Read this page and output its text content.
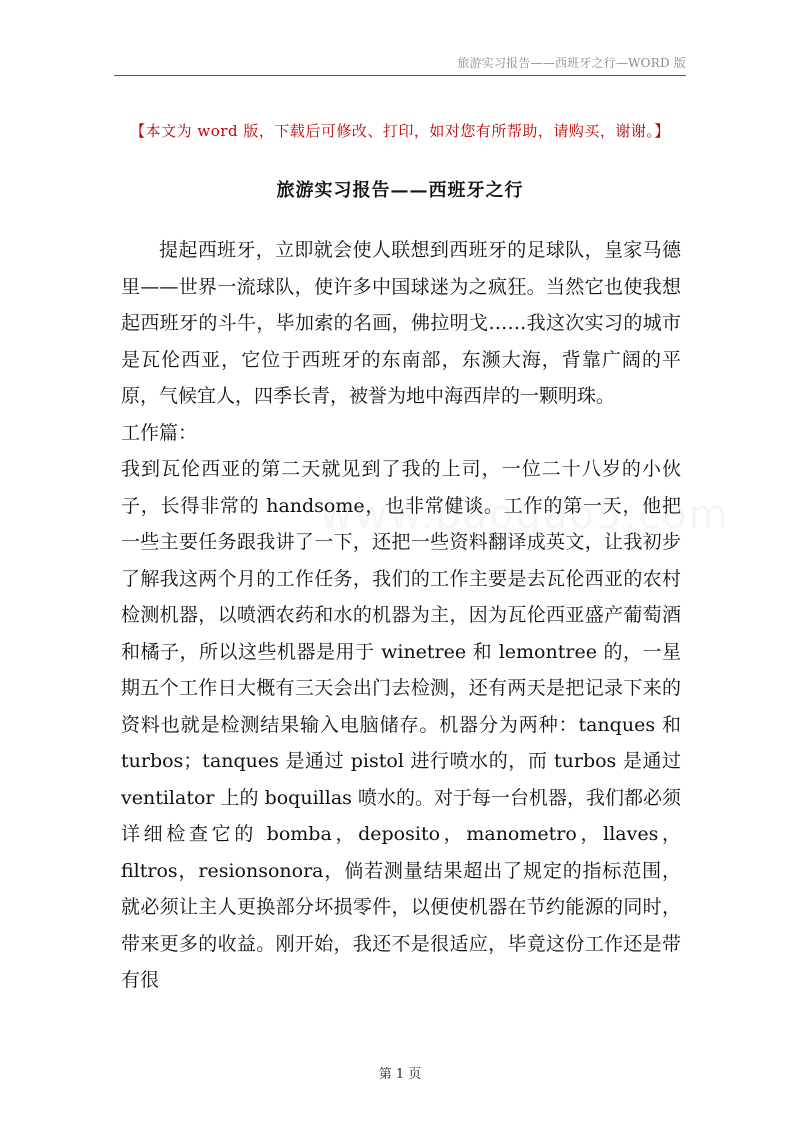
旅游实习报告——西班牙之行—WORD 版
【本文为 word 版，下载后可修改、打印，如对您有所帮助，请购买，谢谢。】
旅游实习报告——西班牙之行

提起西班牙，立即就会使人联想到西班牙的足球队，皇家马德里——世界一流球队，使许多中国球迷为之疯狂。当然它也使我想起西班牙的斗牛，毕加索的名画，佛拉明戈……我这次实习的城市是瓦伦西亚，它位于西班牙的东南部，东濒大海，背靠广阔的平原，气候宜人，四季长青，被誉为地中海西岸的一颗明珠。

工作篇：

我到瓦伦西亚的第二天就见到了我的上司，一位二十八岁的小伙子，长得非常的 handsome，也非常健谈。工作的第一天，他把一些主要任务跟我讲了一下，还把一些资料翻译成英文，让我初步了解我这两个月的工作任务，我们的工作主要是去瓦伦西亚的农村检测机器，以喷洒农药和水的机器为主，因为瓦伦西亚盛产葡萄酒和橘子，所以这些机器是用于 winetree 和 lemontree 的，一星期五个工作日大概有三天会出门去检测，还有两天是把记录下来的资料也就是检测结果输入电脑储存。机器分为两种：tanques 和 turbos；tanques 是通过 pistol 进行喷水的，而 turbos 是通过 ventilator 上的 boquillas 喷水的。对于每一台机器，我们都必须详细检查它的 bomba，deposito，manometro，llaves，filtros，resionsonora，倘若测量结果超出了规定的指标范围，就必须让主人更换部分坏损零件，以便使机器在节约能源的同时，带来更多的收益。刚开始，我还不是很适应，毕竟这份工作还是带有很

第 1 页
